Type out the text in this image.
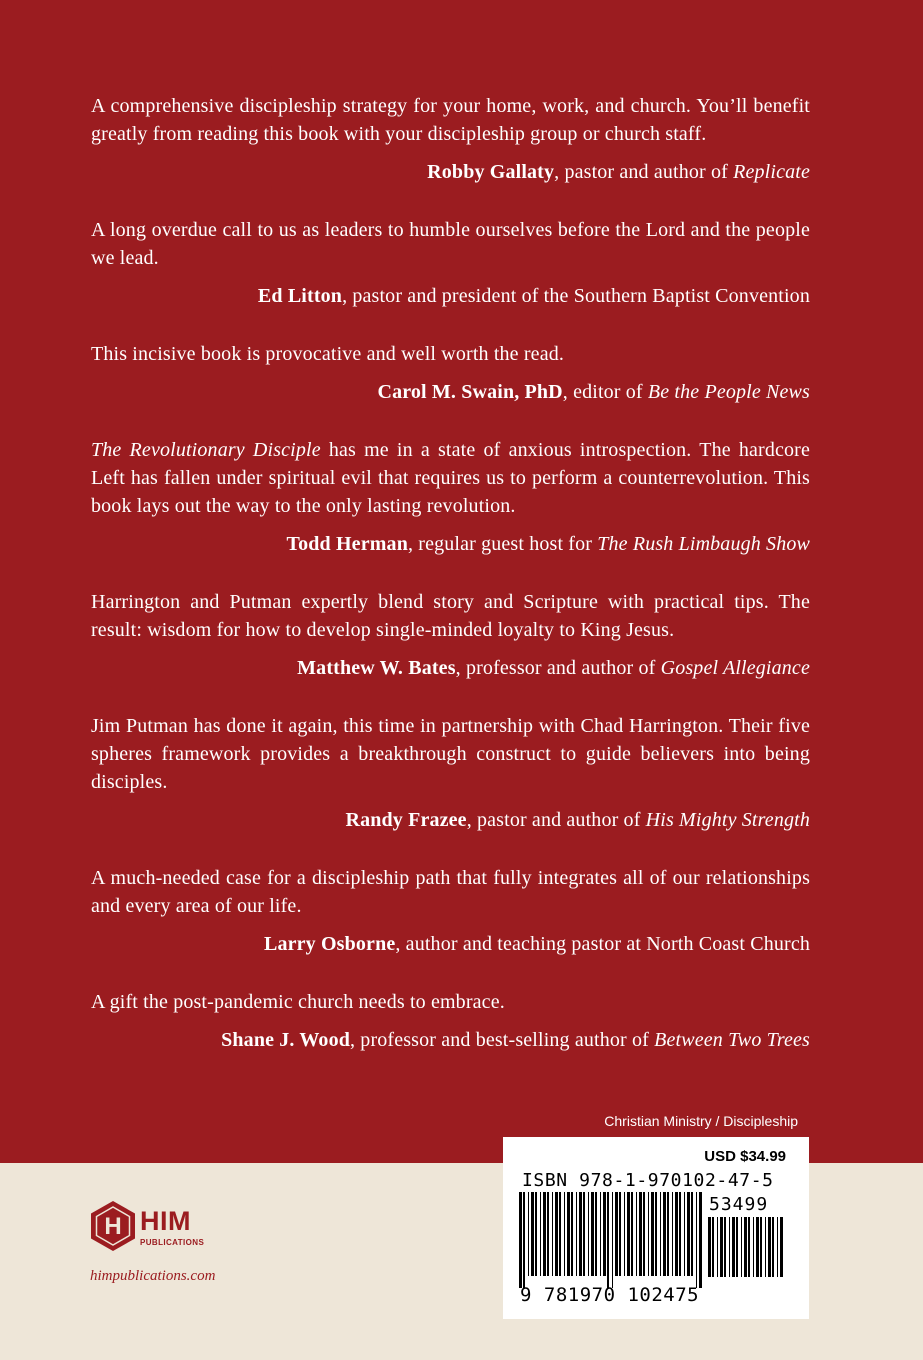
A comprehensive discipleship strategy for your home, work, and church. You’ll benefit greatly from reading this book with your discipleship group or church staff.

Robby Gallaty, pastor and author of Replicate

A long overdue call to us as leaders to humble ourselves before the Lord and the people we lead.

Ed Litton, pastor and president of the Southern Baptist Convention

This incisive book is provocative and well worth the read.

Carol M. Swain, PhD, editor of Be the People News

The Revolutionary Disciple has me in a state of anxious introspection. The hardcore Left has fallen under spiritual evil that requires us to perform a counterrevolution. This book lays out the way to the only lasting revolution.

Todd Herman, regular guest host for The Rush Limbaugh Show

Harrington and Putman expertly blend story and Scripture with practical tips. The result: wisdom for how to develop single-minded loyalty to King Jesus.

Matthew W. Bates, professor and author of Gospel Allegiance

Jim Putman has done it again, this time in partnership with Chad Harrington. Their five spheres framework provides a breakthrough construct to guide believers into being disciples.

Randy Frazee, pastor and author of His Mighty Strength

A much-needed case for a discipleship path that fully integrates all of our relationships and every area of our life.

Larry Osborne, author and teaching pastor at North Coast Church

A gift the post-pandemic church needs to embrace.

Shane J. Wood, professor and best-selling author of Between Two Trees

Christian Ministry / Discipleship
H HIM
PUBLICATIONS
himpublications.com
USD $34.99
ISBN 978-1-970102-47-5
53499
9 781970 102475
